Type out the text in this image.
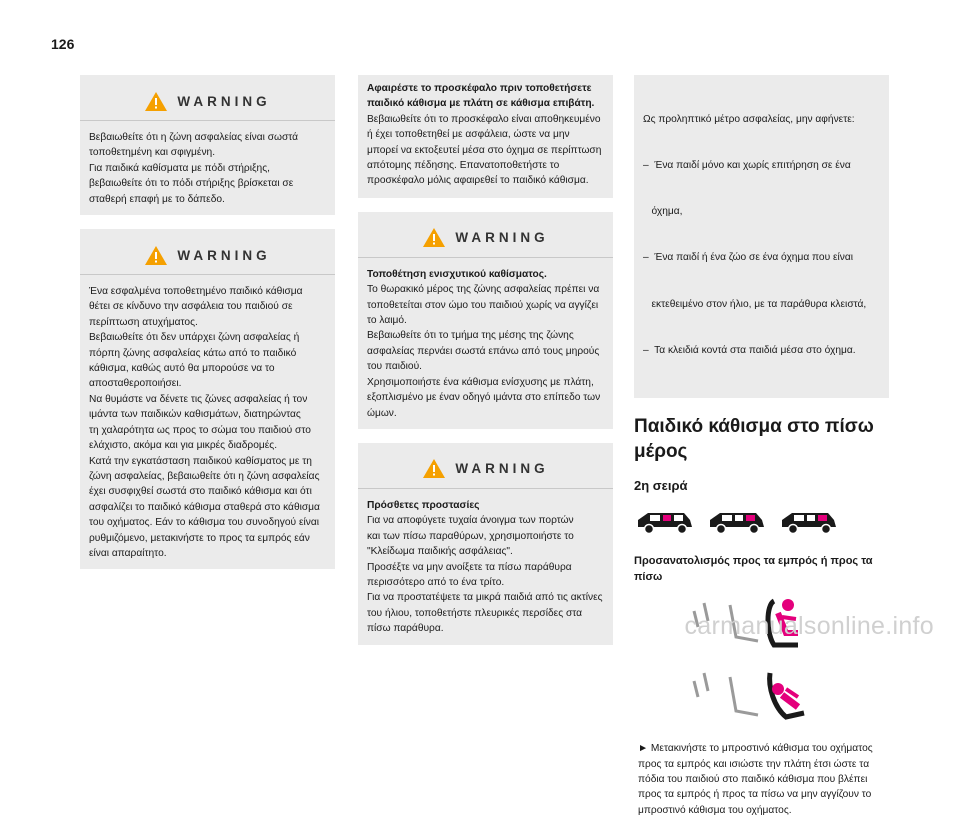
126
WARNING
Βεβαιωθείτε ότι η ζώνη ασφαλείας είναι σωστά
τοποθετημένη και σφιγμένη.
Για παιδικά καθίσματα με πόδι στήριξης,
βεβαιωθείτε ότι το πόδι στήριξης βρίσκεται σε
σταθερή επαφή με το δάπεδο.
WARNING
Ένα εσφαλμένα τοποθετημένο παιδικό κάθισμα
θέτει σε κίνδυνο την ασφάλεια του παιδιού σε
περίπτωση ατυχήματος.
Βεβαιωθείτε ότι δεν υπάρχει ζώνη ασφαλείας ή
πόρπη ζώνης ασφαλείας κάτω από το παιδικό
κάθισμα, καθώς αυτό θα μπορούσε να το
αποσταθεροποιήσει.
Να θυμάστε να δένετε τις ζώνες ασφαλείας ή τον
ιμάντα των παιδικών καθισμάτων, διατηρώντας
τη χαλαρότητα ως προς το σώμα του παιδιού στο
ελάχιστο, ακόμα και για μικρές διαδρομές.
Κατά την εγκατάσταση παιδικού καθίσματος με τη
ζώνη ασφαλείας, βεβαιωθείτε ότι η ζώνη ασφαλείας
έχει συσφιχθεί σωστά στο παιδικό κάθισμα και ότι
ασφαλίζει το παιδικό κάθισμα σταθερά στο κάθισμα
του οχήματος. Εάν το κάθισμα του συνοδηγού είναι
ρυθμιζόμενο, μετακινήστε το προς τα εμπρός εάν
είναι απαραίτητο.
Αφαιρέστε το προσκέφαλο πριν τοποθετήσετε
παιδικό κάθισμα με πλάτη σε κάθισμα επιβάτη.
Βεβαιωθείτε ότι το προσκέφαλο είναι αποθηκευμένο
ή έχει τοποθετηθεί με ασφάλεια, ώστε να μην
μπορεί να εκτοξευτεί μέσα στο όχημα σε περίπτωση
απότομης πέδησης. Επανατοποθετήστε το
προσκέφαλο μόλις αφαιρεθεί το παιδικό κάθισμα.
WARNING
Τοποθέτηση ενισχυτικού καθίσματος.
Το θωρακικό μέρος της ζώνης ασφαλείας πρέπει να
τοποθετείται στον ώμο του παιδιού χωρίς να αγγίζει
το λαιμό.
Βεβαιωθείτε ότι το τμήμα της μέσης της ζώνης
ασφαλείας περνάει σωστά επάνω από τους μηρούς
του παιδιού.
Χρησιμοποιήστε ένα κάθισμα ενίσχυσης με πλάτη,
εξοπλισμένο με έναν οδηγό ιμάντα στο επίπεδο των
ώμων.
WARNING
Πρόσθετες προστασίες
Για να αποφύγετε τυχαία άνοιγμα των πορτών
και των πίσω παραθύρων, χρησιμοποιήστε το
"Κλείδωμα παιδικής ασφάλειας".
Προσέξτε να μην ανοίξετε τα πίσω παράθυρα
περισσότερο από το ένα τρίτο.
Για να προστατέψετε τα μικρά παιδιά από τις ακτίνες
του ήλιου, τοποθετήστε πλευρικές περσίδες στα
πίσω παράθυρα.

Ως προληπτικό μέτρο ασφαλείας, μην αφήνετε:

–  Ένα παιδί μόνο και χωρίς επιτήρηση σε ένα

όχημα,

–  Ένα παιδί ή ένα ζώο σε ένα όχημα που είναι

εκτεθειμένο στον ήλιο, με τα παράθυρα κλειστά,

–  Τα κλειδιά κοντά στα παιδιά μέσα στο όχημα.

Παιδικό κάθισμα στο πίσω
μέρος
2η σειρά
Προσανατολισμός προς τα εμπρός ή προς τα
πίσω
► Μετακινήστε το μπροστινό κάθισμα του οχήματος
προς τα εμπρός και ισιώστε την πλάτη έτσι ώστε τα
πόδια του παιδιού στο παιδικό κάθισμα που βλέπει
προς τα εμπρός ή προς τα πίσω να μην αγγίζουν το
μπροστινό κάθισμα του οχήματος.
carmanualsonline.info
